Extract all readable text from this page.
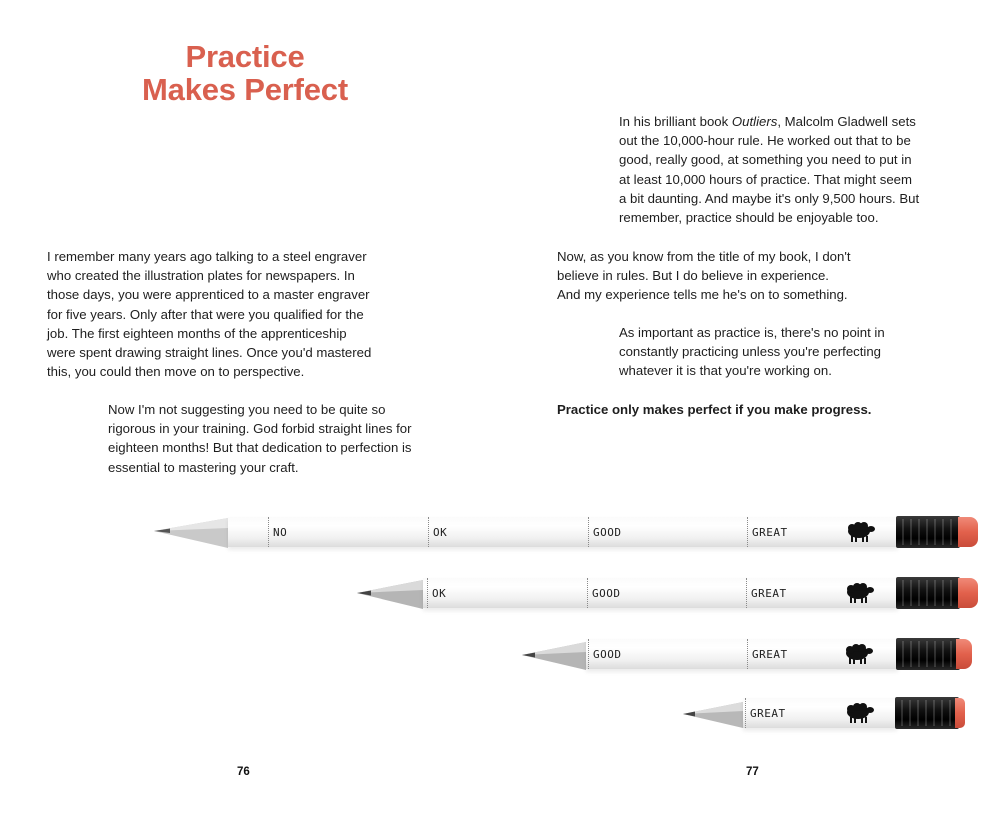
Practice
Makes Perfect

I remember many years ago talking to a steel engraver
who created the illustration plates for newspapers. In
those days, you were apprenticed to a master engraver
for five years. Only after that were you qualified for the
job. The first eighteen months of the apprenticeship
were spent drawing straight lines. Once you'd mastered
this, you could then move on to perspective.

Now I'm not suggesting you need to be quite so
rigorous in your training. God forbid straight lines for
eighteen months! But that dedication to perfection is
essential to mastering your craft.

76

In his brilliant book Outliers, Malcolm Gladwell sets
out the 10,000-hour rule. He worked out that to be
good, really good, at something you need to put in
at least 10,000 hours of practice. That might seem
a bit daunting. And maybe it's only 9,500 hours. But
remember, practice should be enjoyable too.

Now, as you know from the title of my book, I don't
believe in rules. But I do believe in experience.
And my experience tells me he's on to something.

As important as practice is, there's no point in
constantly practicing unless you're perfecting
whatever it is that you're working on.

Practice only makes perfect if you make progress.

77
NO	OK	GOOD	GREAT
OK	GOOD	GREAT
GOOD	GREAT
GREAT
